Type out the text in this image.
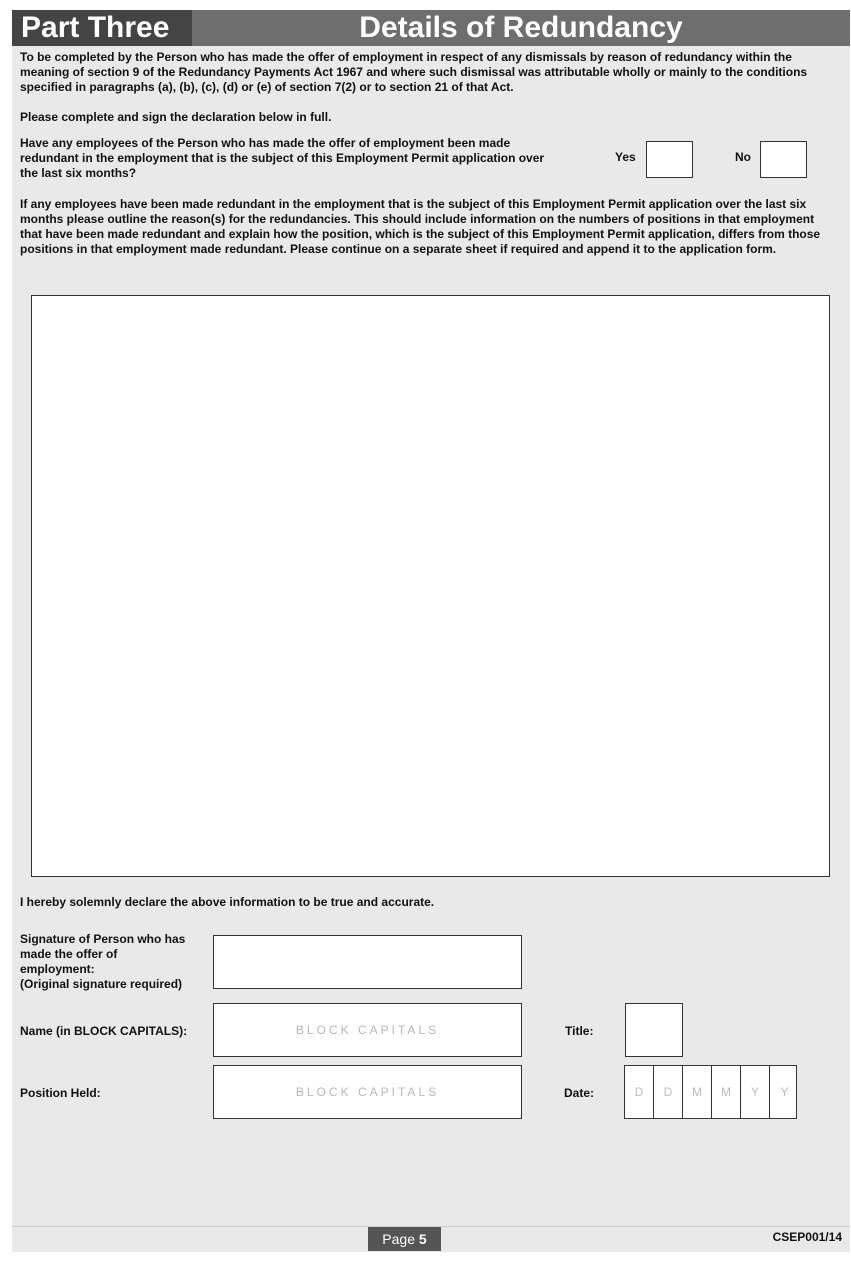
Part Three	Details of Redundancy
To be completed by the Person who has made the offer of employment in respect of any dismissals by reason of redundancy within the meaning of section 9 of the Redundancy Payments Act 1967 and where such dismissal was attributable wholly or mainly to the conditions specified in paragraphs (a), (b), (c), (d) or (e) of section 7(2) or to section 21 of that Act.
Please complete and sign the declaration below in full.
Have any employees of the Person who has made the offer of employment been made redundant in the employment that is the subject of this Employment Permit application over the last six months?
Yes	No
If any employees have been made redundant in the employment that is the subject of this Employment Permit application over the last six months please outline the reason(s) for the redundancies. This should include information on the numbers of positions in that employment that have been made redundant and explain how the position, which is the subject of this Employment Permit application, differs from those positions in that employment made redundant. Please continue on a separate sheet if required and append it to the application form.
I hereby solemnly declare the above information to be true and accurate.
Signature of Person who has
made the offer of
employment:
(Original signature required)
Name (in BLOCK CAPITALS):	BLOCK CAPITALS	Title:
Position Held:	BLOCK CAPITALS	Date:	D	D	M	M	Y	Y
Page
5	CSEP001/14
